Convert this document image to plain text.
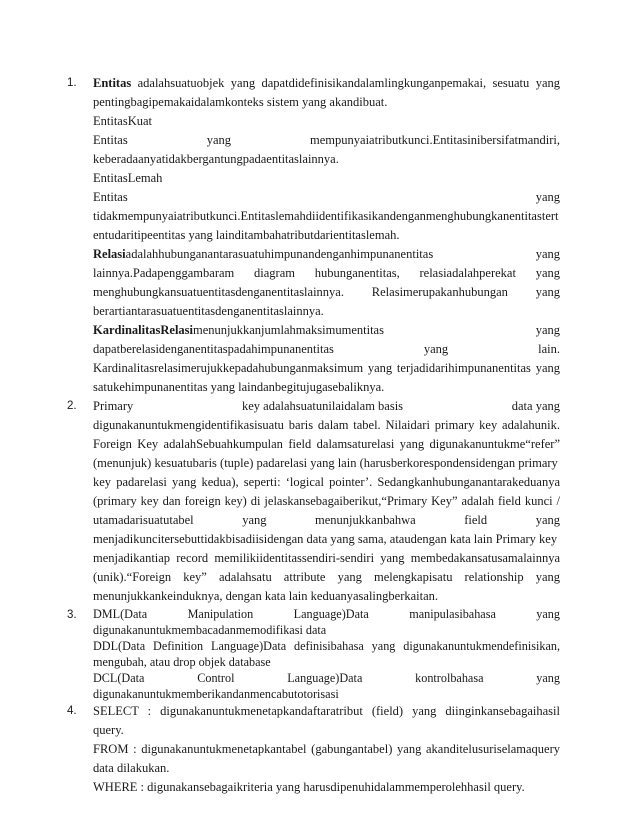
1. Entitas adalahsuatuobjek yang dapatdidefinisikandalamlingkunganpemakai, sesuatu yang
pentingbagipemakaidalamkonteks sistem yang akandibuat.
EntitasKuat
Entitas	yang	mempunyaiatributkunci.Entitasinibersifatmandiri,
keberadaanyatidakbergantungpadaentitaslainnya.
EntitasLemah
Entitas	yang
tidakmempunyaiatributkunci.Entitaslemahdiidentifikasikandenganmenghubungkanentitastert
entudaritipeentitas yang lainditambahatributdarientitaslemah.
Relasiadalahhubunganantarasuatuhimpunandenganhimpunanentitas	yang
lainnya.Padapenggambaram diagram hubunganentitas, relasiadalahperekat yang
menghubungkansuatuentitasdenganentitaslainnya. Relasimerupakanhubungan yang
berartiantarasuatuentitasdenganentitaslainnya.
KardinalitasRelasimenunjukkanjumlahmaksimumentitas	yang
dapatberelasidenganentitaspadahimpunanentitas	yang	lain.
Kardinalitasrelasimerujukkepadahubunganmaksimum yang terjadidarihimpunanentitas yang
satukehimpunanentitas yang laindanbegitujugasebaliknya.
2. Primary	key adalahsuatunilaidalam basis	data yang
digunakanuntukmengidentifikasisuatu baris dalam tabel. Nilaidari primary key adalahunik.
Foreign Key adalahSebuahkumpulan field dalamsaturelasi yang digunakanuntukme“refer”
(menunjuk) kesuatubaris (tuple) padarelasi yang lain (harusberkorespondensidengan primary
key padarelasi yang kedua), seperti: ‘logical pointer’. Sedangkanhubunganantarakeduanya
(primary key dan foreign key) di jelaskansebagaiberikut,“Primary Key” adalah field kunci /
utamadarisuatutabel	yang	menunjukkanbahwa	field	yang
menjadikuncitersebuttidakbisadiisidengan data yang sama, ataudengan kata lain Primary key
menjadikantiap record memilikiidentitassendiri-sendiri yang membedakansatusamalainnya
(unik).“Foreign key” adalahsatu attribute yang melengkapisatu relationship yang
menunjukkankeinduknya, dengan kata lain keduanyasalingberkaitan.
3. DML(Data	Manipulation	Language)Data	manipulasibahasa	yang
digunakanuntukmembacadanmemodifikasi data
DDL(Data Definition Language)Data definisibahasa yang digunakanuntukmendefinisikan,
mengubah, atau drop objek database
DCL(Data	Control	Language)Data	kontrolbahasa	yang
digunakanuntukmemberikandanmencabutotorisasi
4. SELECT : digunakanuntukmenetapkandaftaratribut (field) yang diinginkansebagaihasil
query.
FROM : digunakanuntukmenetapkantabel (gabungantabel) yang akanditelusuriselamaquery
data dilakukan.
WHERE : digunakansebagaikriteria yang harusdipenuhidalammemperolehhasil query.
